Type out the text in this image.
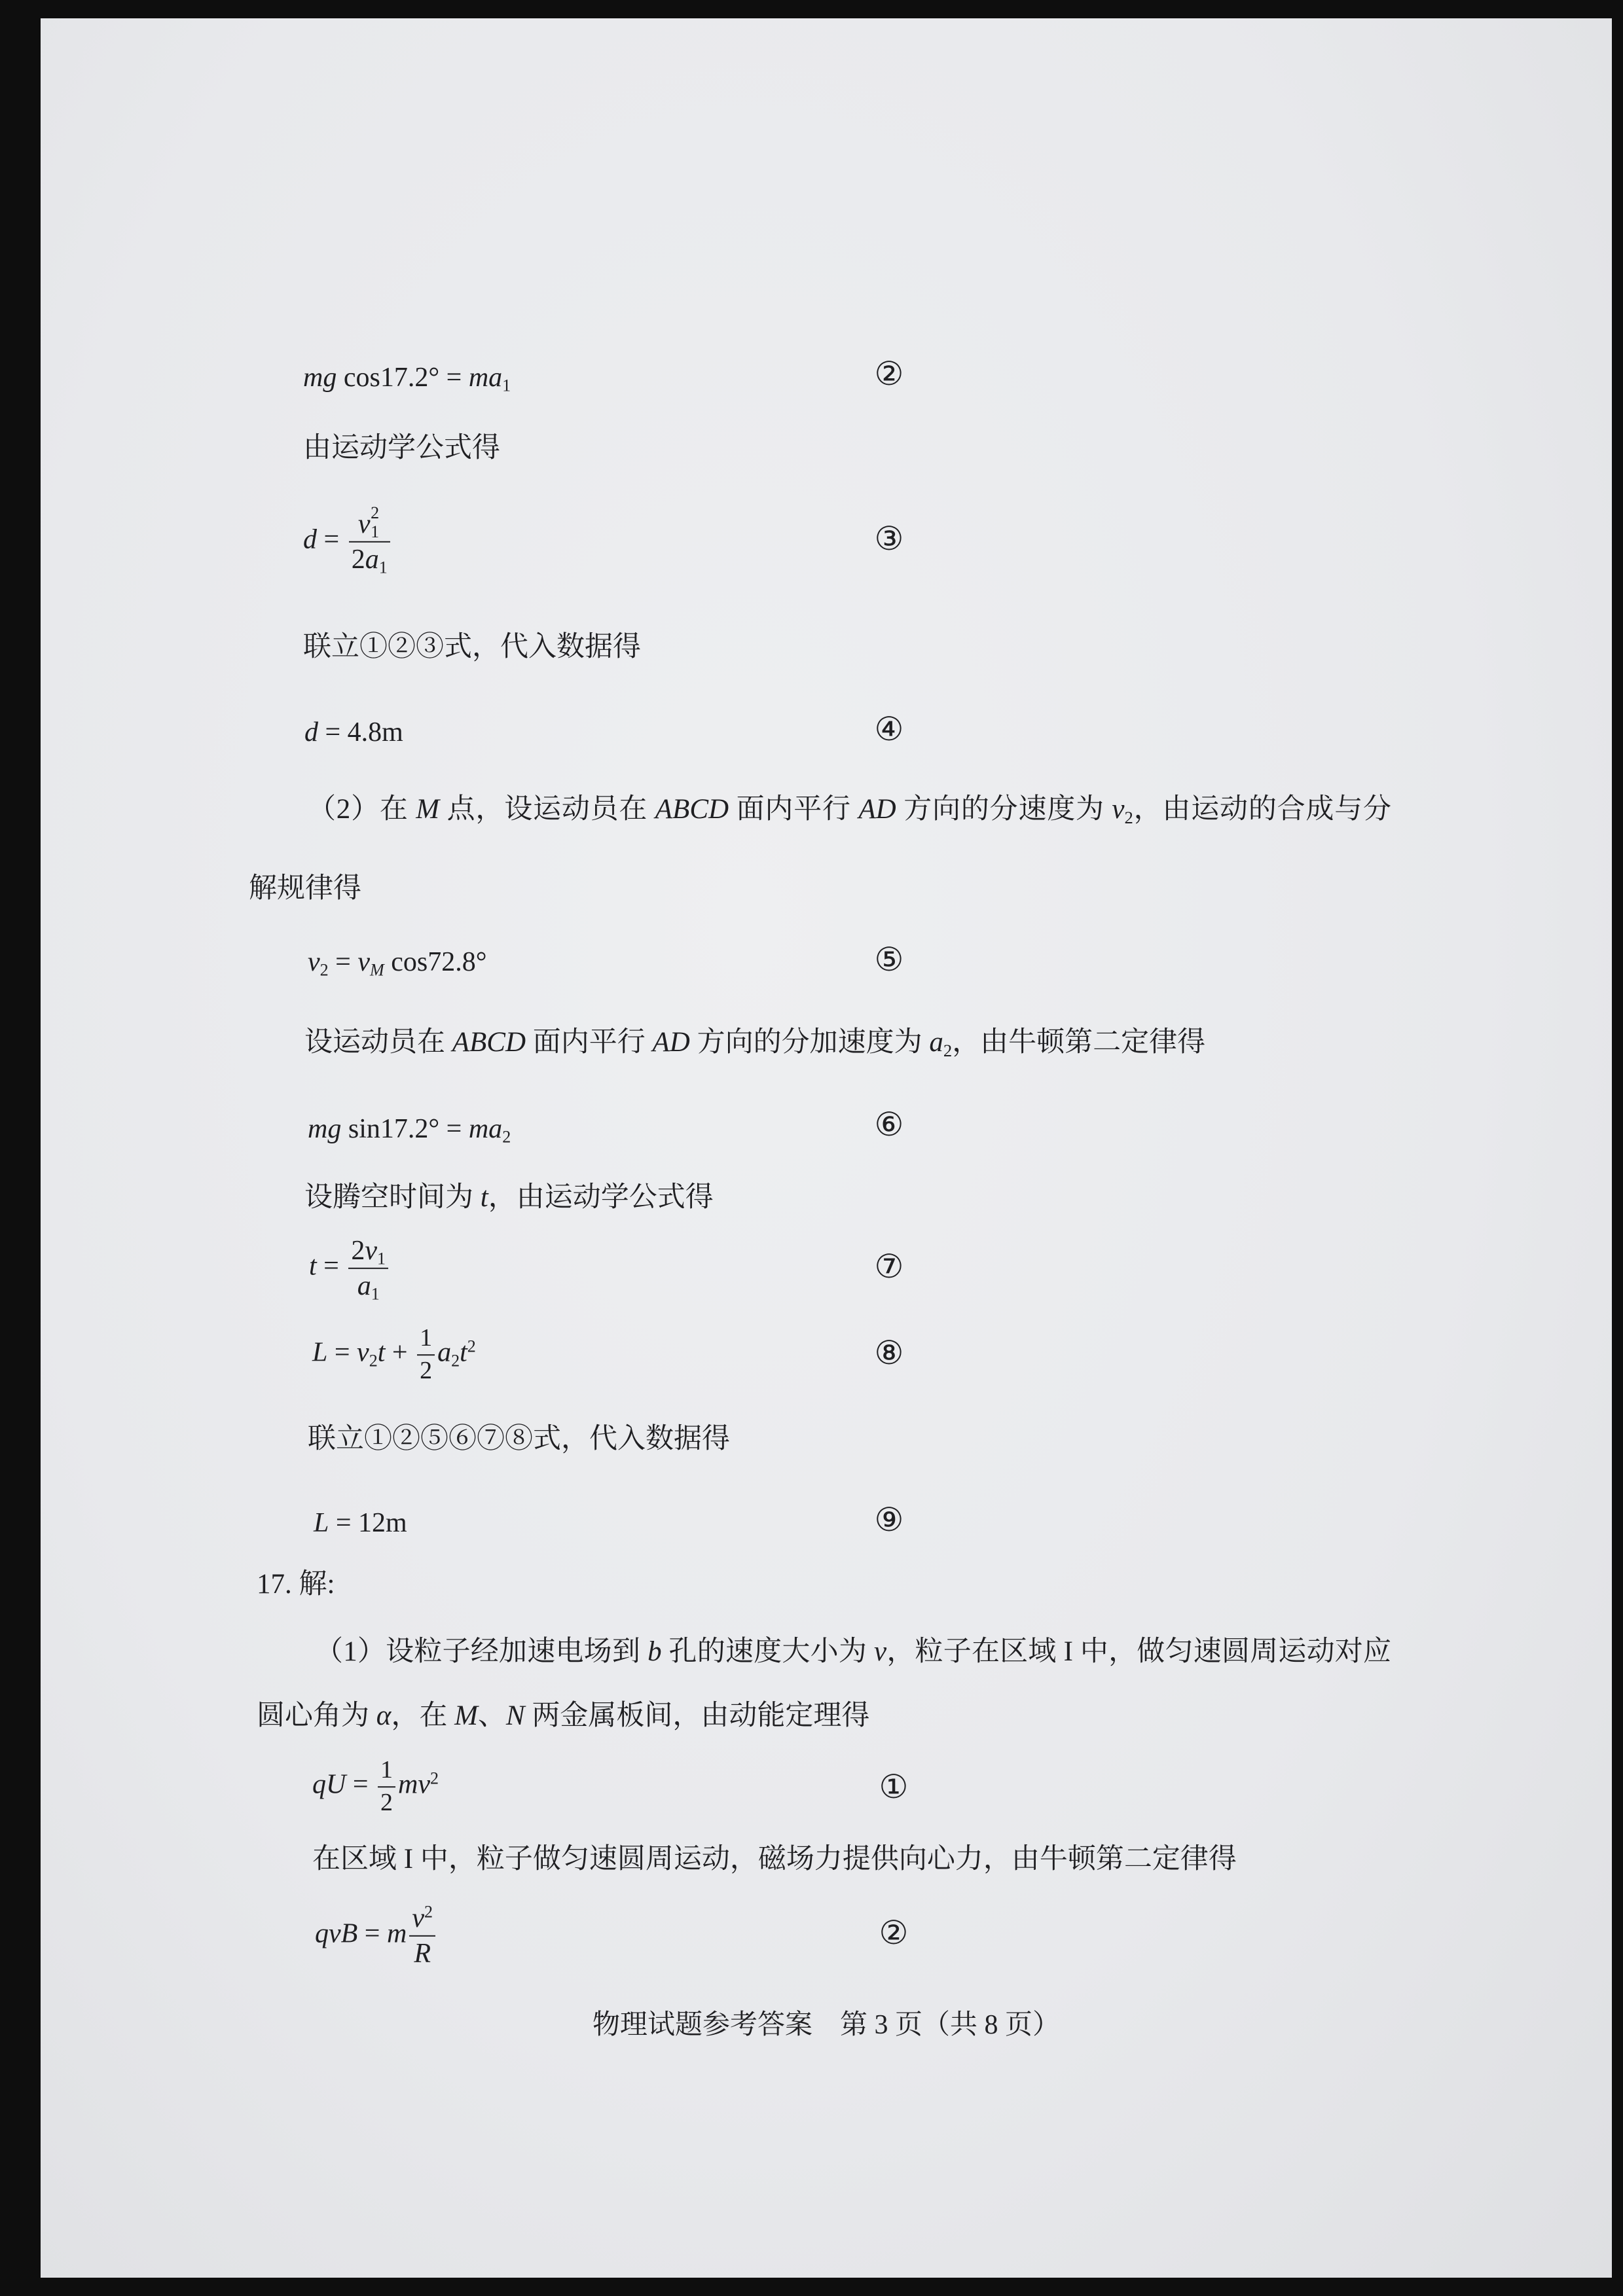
mg $\cos 17.2^\circ = ma_1$	②
由运动学公式得
d = v 2
1
$2a_1$	③
联立①②③式，代入数据得
d = 4.8m	④
（2）在 M 点，设运动员在 ABCD 面内平行 AD 方向的分速度为 $v_2$，由运动的合成与分
解规律得
$v_2 = v_M$ cos72.8°	⑤
设运动员在 ABCD 面内平行 AD 方向的分加速度为 $a_2$，由牛顿第二定律得
mg $\sin 17.2^\circ = ma_2$	⑥
设腾空时间为 t，由运动学公式得
$t = \frac{2v_1}{a_1}$	⑦
$L = v_2t + \frac{1}{2} a_2t^2$	⑧
联立①②⑤⑥⑦⑧式，代入数据得
L = 12m	⑨
17. 解:
（1）设粒子经加速电场到 b 孔的速度大小为 v，粒子在区域 I 中，做匀速圆周运动对应
圆心角为 α，在 M、N 两金属板间，由动能定理得
qU = $\frac{1}{2} mv^2$	①
在区域 I 中，粒子做匀速圆周运动，磁场力提供向心力，由牛顿第二定律得
qvB = m $\frac{v^2}{R}$	②
物理试题参考答案　第 3 页（共 8 页）
